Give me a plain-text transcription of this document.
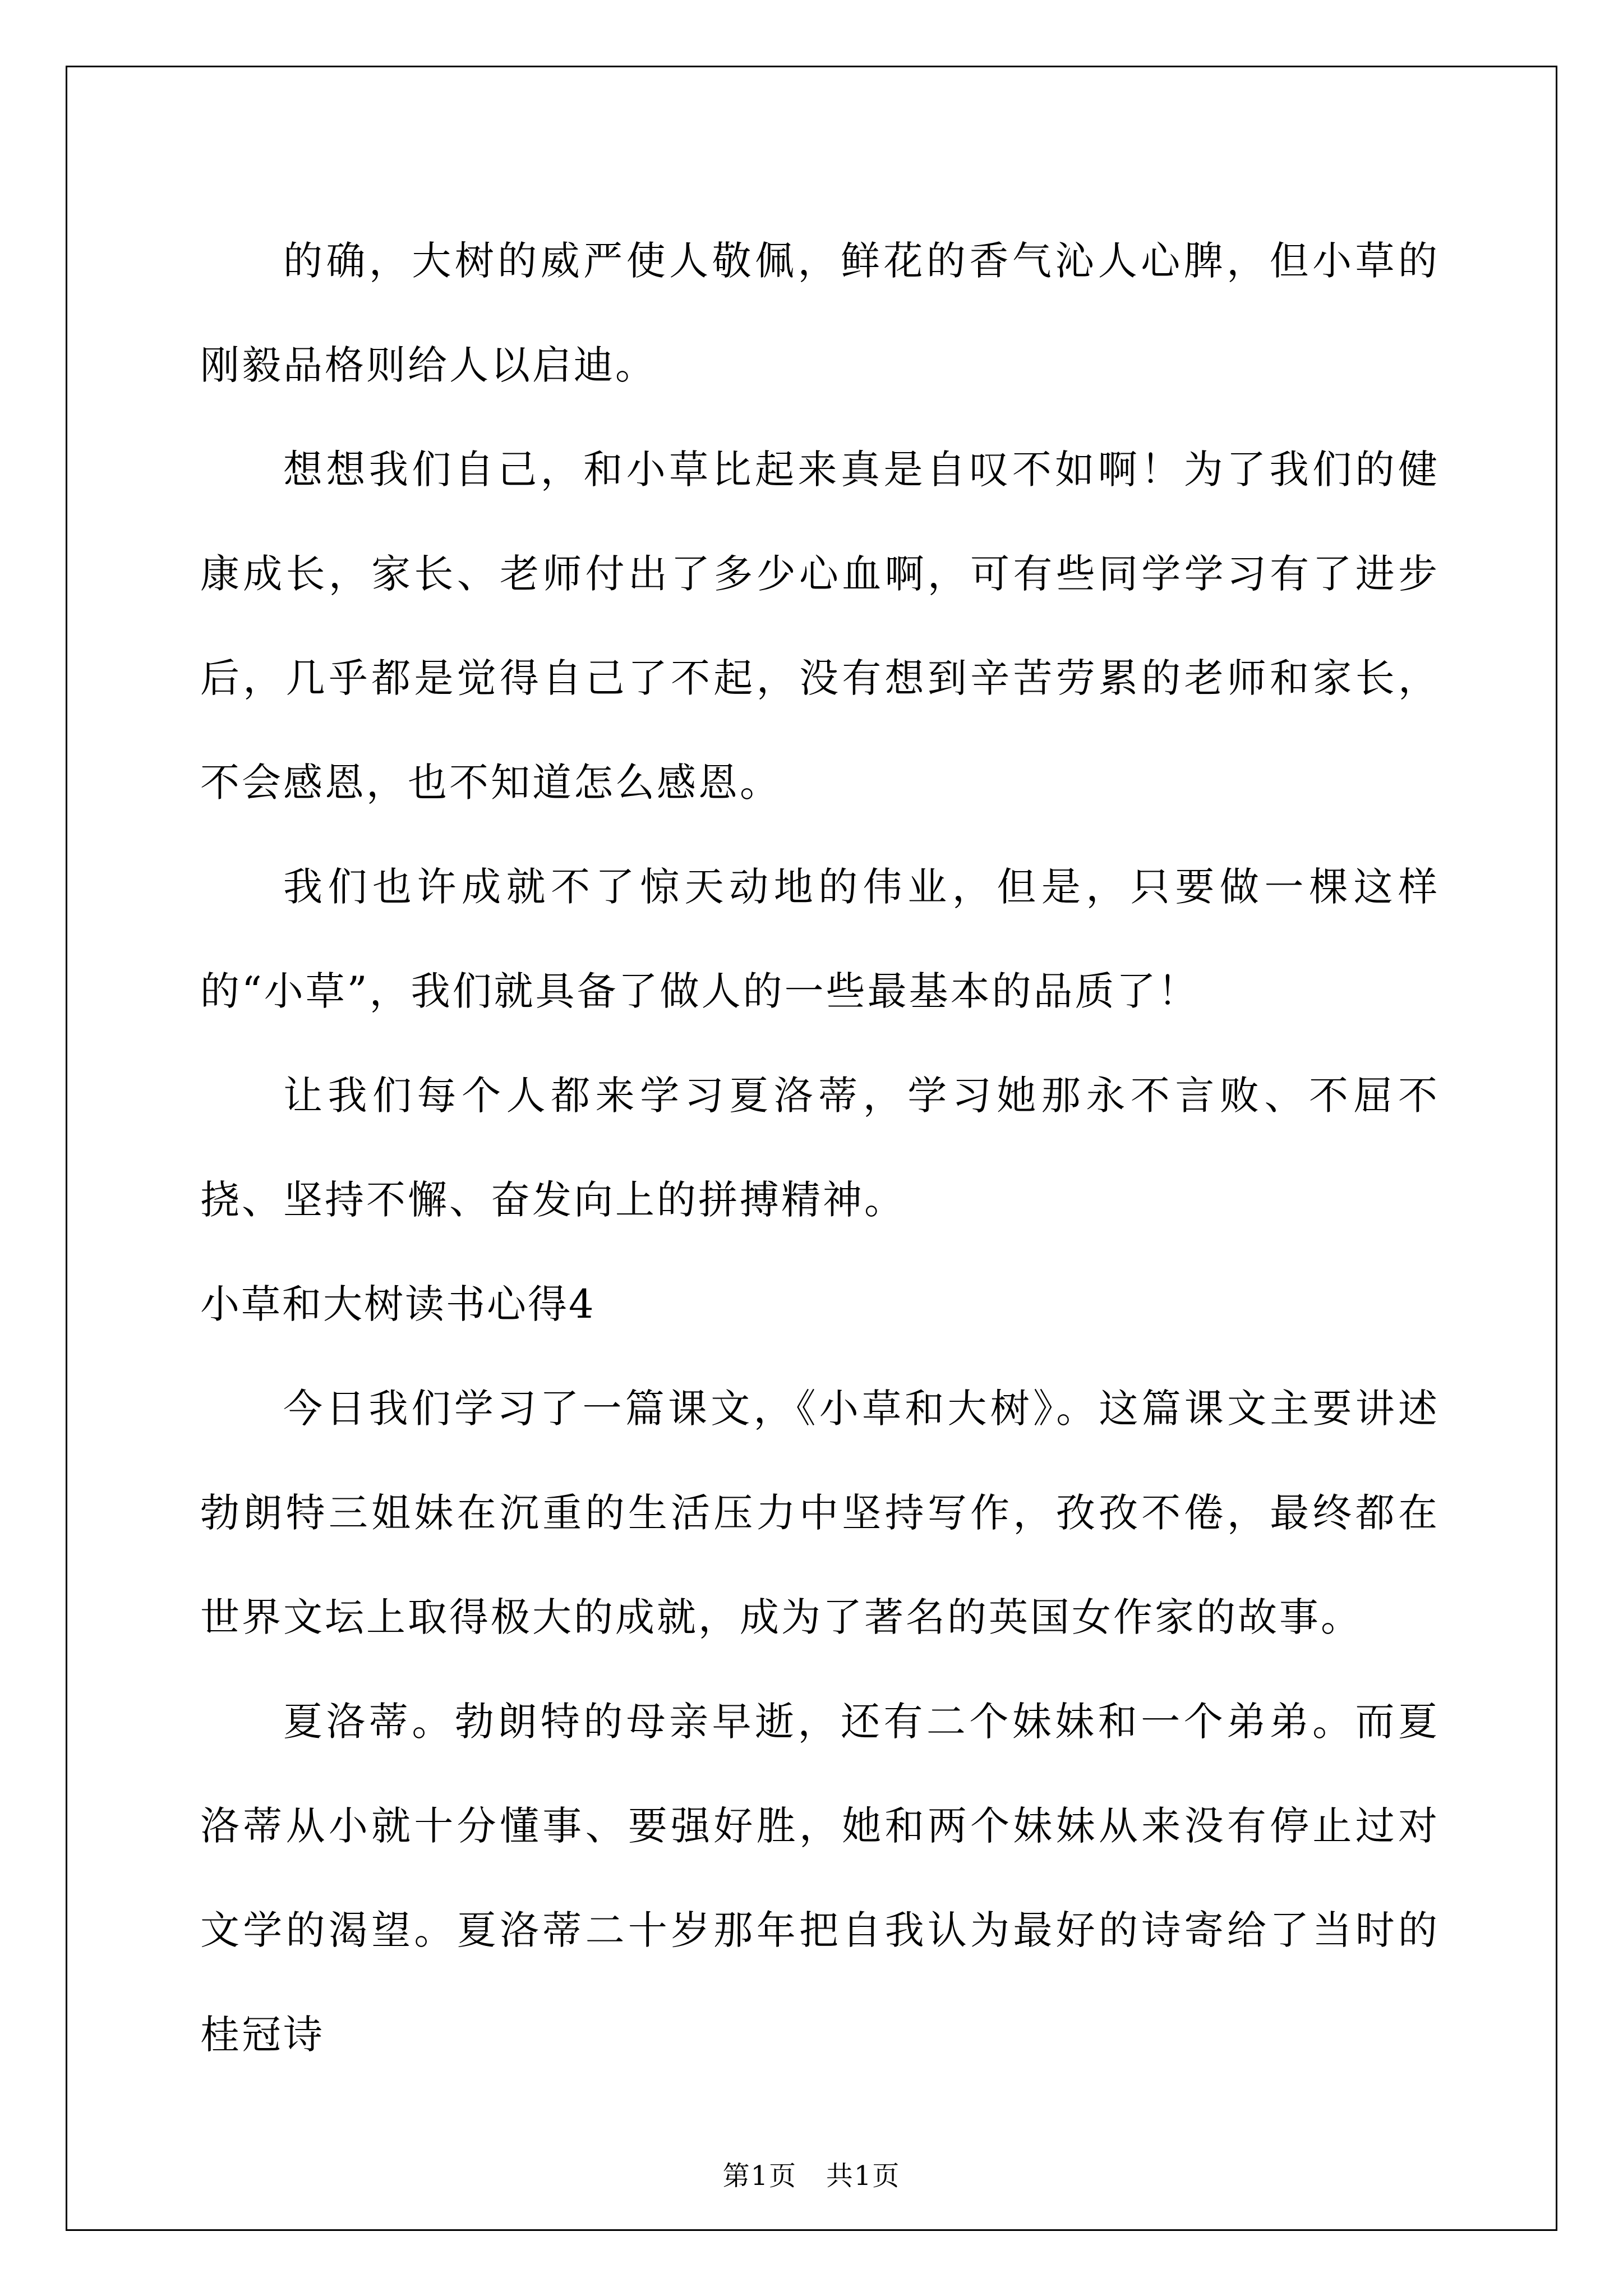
的确，大树的威严使人敬佩，鲜花的香气沁人心脾，但小草的刚毅品格则给人以启迪。

想想我们自己，和小草比起来真是自叹不如啊！为了我们的健康成长，家长、老师付出了多少心血啊，可有些同学学习有了进步后，几乎都是觉得自己了不起，没有想到辛苦劳累的老师和家长，不会感恩，也不知道怎么感恩。

我们也许成就不了惊天动地的伟业，但是，只要做一棵这样的“小草”，我们就具备了做人的一些最基本的品质了！

让我们每个人都来学习夏洛蒂，学习她那永不言败、不屈不挠、坚持不懈、奋发向上的拼搏精神。

小草和大树读书心得4

今日我们学习了一篇课文，《小草和大树》。这篇课文主要讲述勃朗特三姐妹在沉重的生活压力中坚持写作，孜孜不倦，最终都在世界文坛上取得极大的成就，成为了著名的英国女作家的故事。

夏洛蒂。勃朗特的母亲早逝，还有二个妹妹和一个弟弟。而夏洛蒂从小就十分懂事、要强好胜，她和两个妹妹从来没有停止过对文学的渴望。夏洛蒂二十岁那年把自我认为最好的诗寄给了当时的桂冠诗

第1页   共1页
